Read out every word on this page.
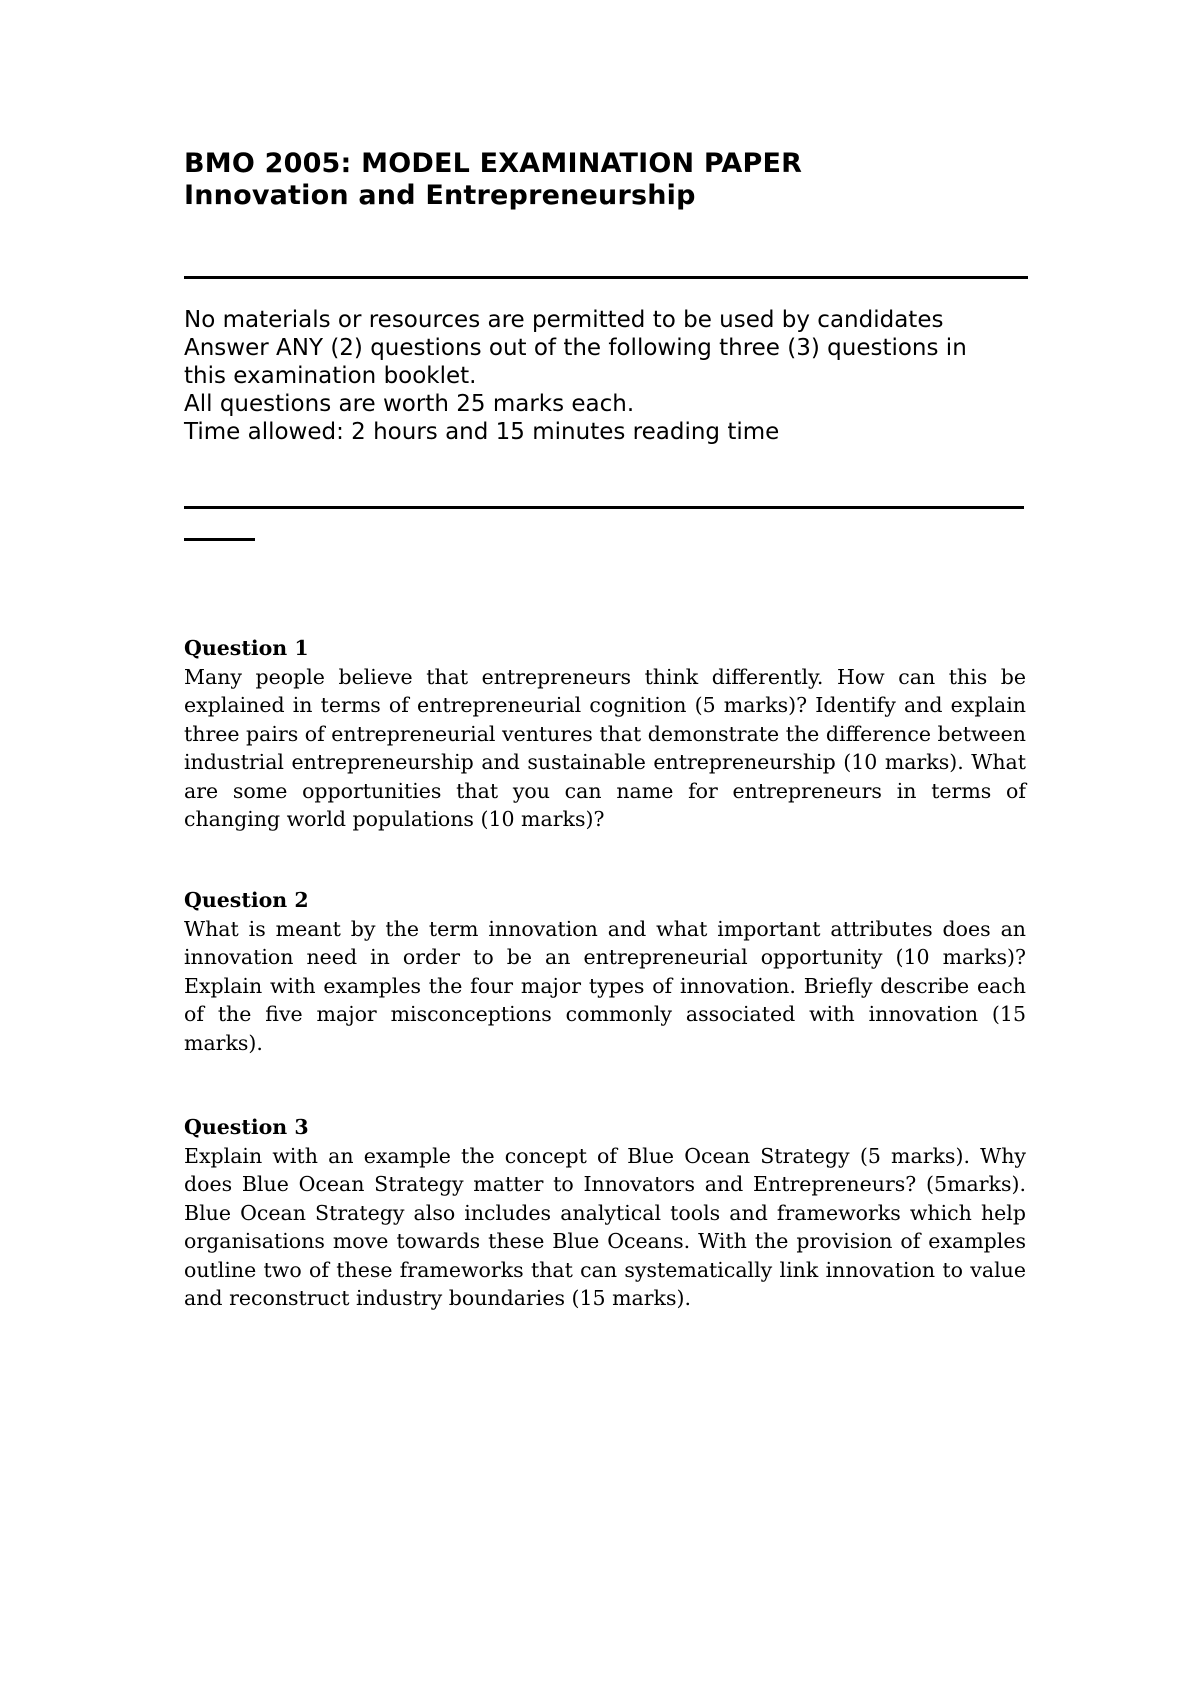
BMO 2005: MODEL EXAMINATION PAPER
Innovation and Entrepreneurship
No materials or resources are permitted to be used by candidates
Answer ANY (2) questions out of the following three (3) questions in
this examination booklet.
All questions are worth 25 marks each.
Time allowed: 2 hours and 15 minutes reading time
Question 1
Many people believe that entrepreneurs think differently. How can this be explained in terms of entrepreneurial cognition (5 marks)? Identify and explain three pairs of entrepreneurial ventures that demonstrate the difference between industrial entrepreneurship and sustainable entrepreneurship (10 marks). What are some opportunities that you can name for entrepreneurs in terms of changing world populations (10 marks)?
Question 2
What is meant by the term innovation and what important attributes does an innovation need in order to be an entrepreneurial opportunity (10 marks)? Explain with examples the four major types of innovation. Briefly describe each of the five major misconceptions commonly associated with innovation (15 marks).
Question 3
Explain with an example the concept of Blue Ocean Strategy (5 marks). Why does Blue Ocean Strategy matter to Innovators and Entrepreneurs? (5marks). Blue Ocean Strategy also includes analytical tools and frameworks which help organisations move towards these Blue Oceans. With the provision of examples outline two of these frameworks that can systematically link innovation to value and reconstruct industry boundaries (15 marks).
